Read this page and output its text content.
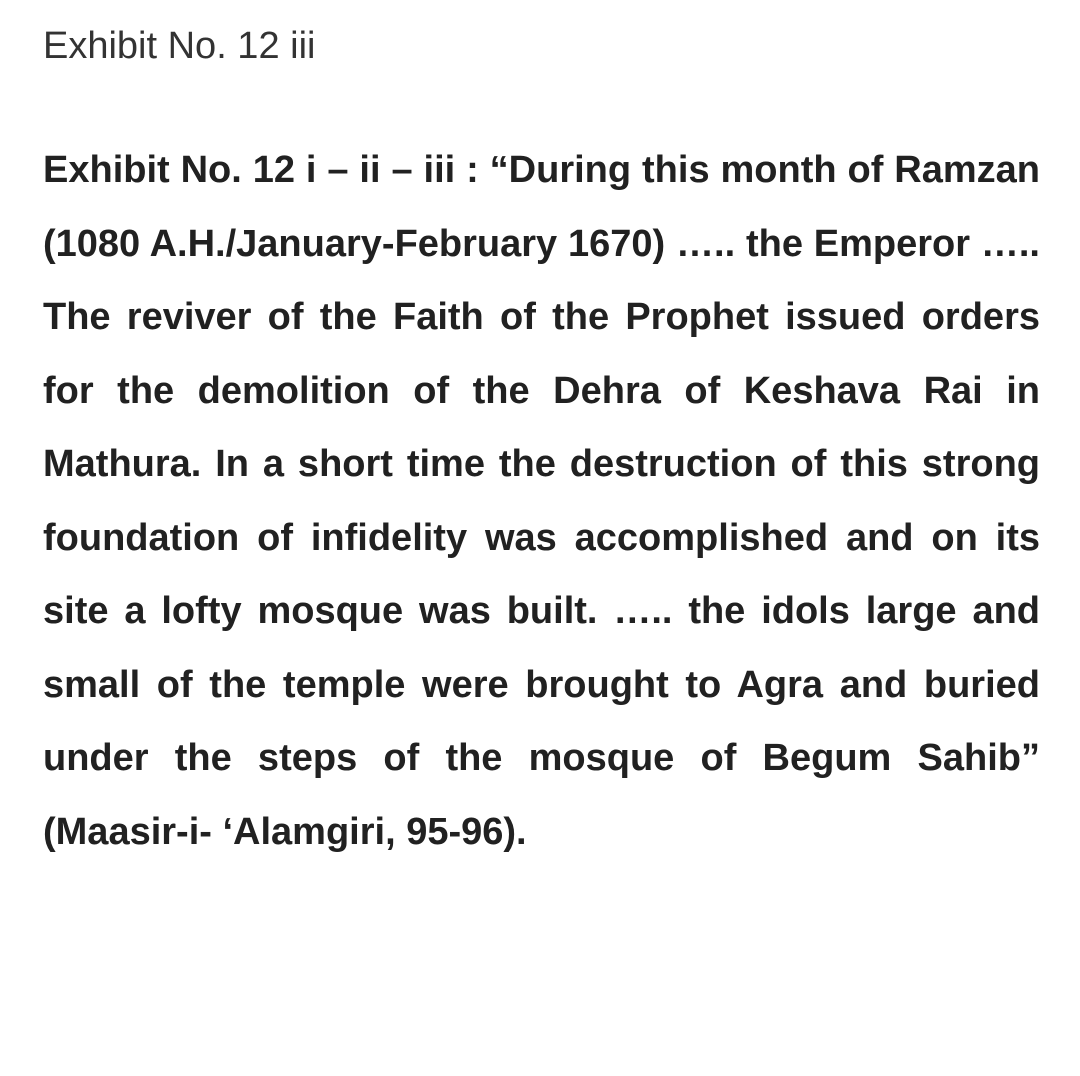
Exhibit No. 12 iii

Exhibit No. 12 i – ii – iii : “During this month of Ramzan (1080 A.H./January-February 1670) ….. the Emperor ….. The reviver of the Faith of the Prophet issued orders for the demolition of the Dehra of Keshava Rai in Mathura. In a short time the destruction of this strong foundation of infidelity was accomplished and on its site a lofty mosque was built. ….. the idols large and small of the temple were brought to Agra and buried under the steps of the mosque of Begum Sahib” (Maasir-i- ‘Alamgiri, 95-96).
